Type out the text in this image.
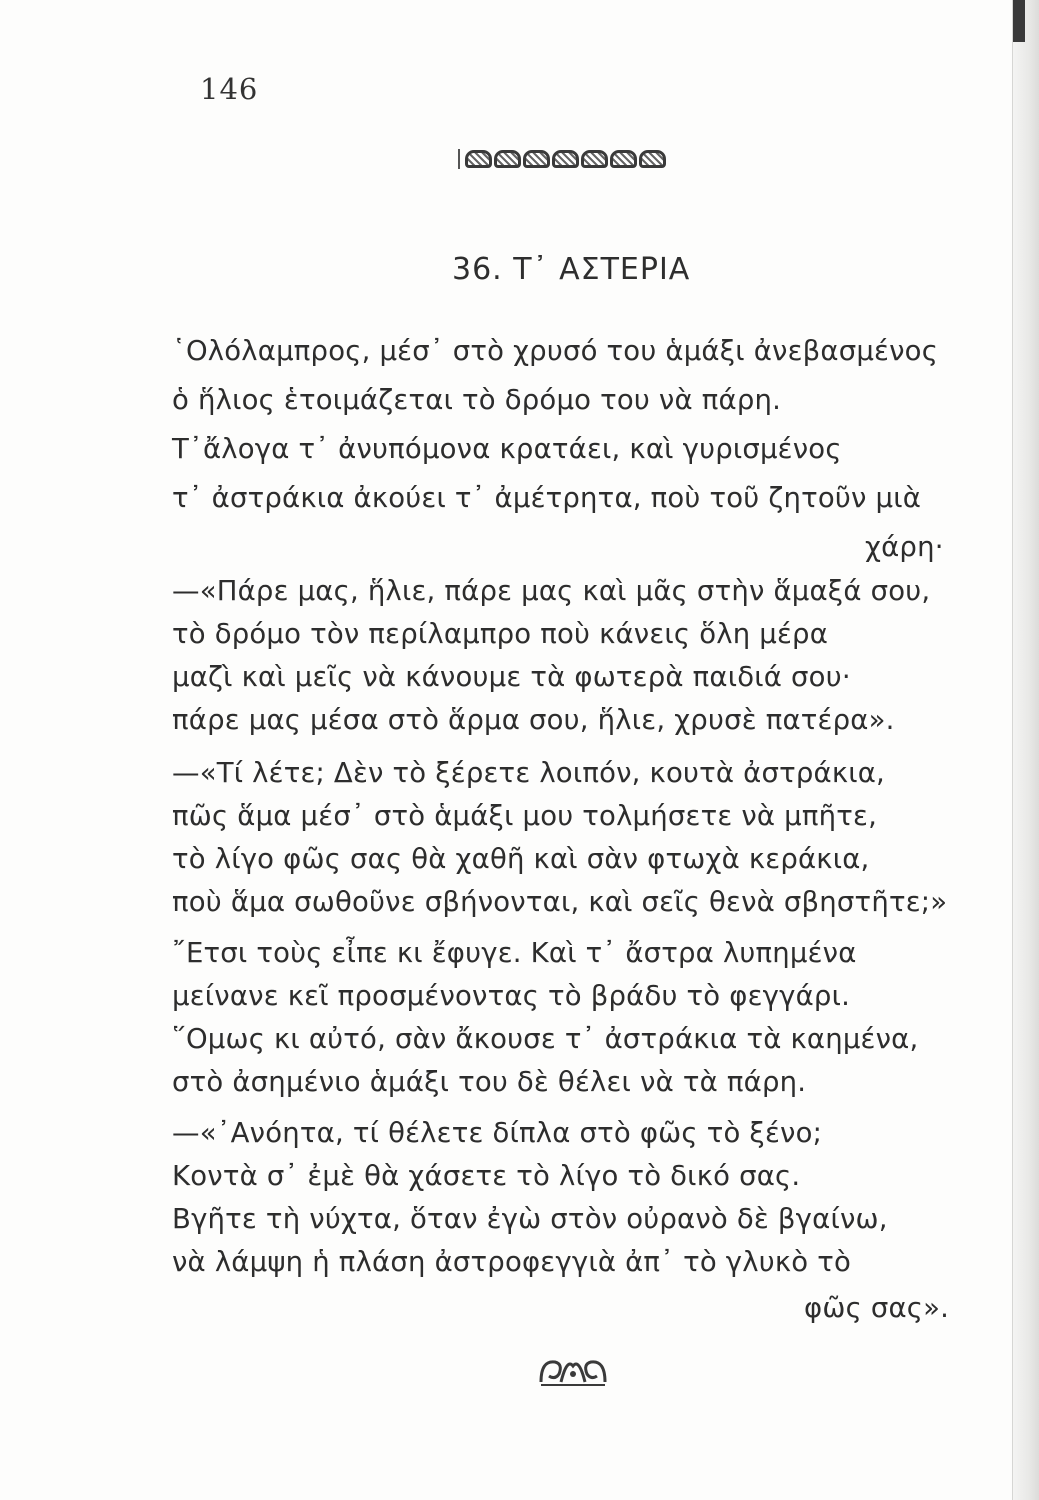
146
36. Τ᾽ ΑΣΤΕΡΙΑ
῾Ολόλαμπρος, μέσ᾽ στὸ χρυσό του ἁμάξι ἀνεβασμένος
ὁ ἥλιος ἑτοιμάζεται τὸ δρόμο του νὰ πάρη.
Τ᾽ἄλογα τ᾽ ἀνυπόμονα κρατάει, καὶ γυρισμένος
τ᾽ ἀστράκια ἀκούει τ᾽ ἀμέτρητα, ποὺ τοῦ ζητοῦν μιὰ
χάρη·
—«Πάρε μας, ἥλιε, πάρε μας καὶ μᾶς στὴν ἅμαξά σου,
τὸ δρόμο τὸν περίλαμπρο ποὺ κάνεις ὅλη μέρα
μαζὶ καὶ μεῖς νὰ κάνουμε τὰ φωτερὰ παιδιά σου·
πάρε μας μέσα στὸ ἅρμα σου, ἥλιε, χρυσὲ πατέρα».
—«Τί λέτε; Δὲν τὸ ξέρετε λοιπόν, κουτὰ ἀστράκια,
πῶς ἅμα μέσ᾽ στὸ ἁμάξι μου τολμήσετε νὰ μπῆτε,
τὸ λίγο φῶς σας θὰ χαθῆ καὶ σὰν φτωχὰ κεράκια,
ποὺ ἅμα σωθοῦνε σβήνονται, καὶ σεῖς θενὰ σβηστῆτε;»
῎Ετσι τοὺς εἶπε κι ἔφυγε. Καὶ τ᾽ ἄστρα λυπημένα
μείνανε κεῖ προσμένοντας τὸ βράδυ τὸ φεγγάρι.
῞Ομως κι αὐτό, σὰν ἄκουσε τ᾽ ἀστράκια τὰ καημένα,
στὸ ἀσημένιο ἁμάξι του δὲ θέλει νὰ τὰ πάρη.
—«᾽Ανόητα, τί θέλετε δίπλα στὸ φῶς τὸ ξένο;
Κοντὰ σ᾽ ἐμὲ θὰ χάσετε τὸ λίγο τὸ δικό σας.
Βγῆτε τὴ νύχτα, ὅταν ἐγὼ στὸν οὐρανὸ δὲ βγαίνω,
νὰ λάμψη ἡ πλάση ἀστροφεγγιὰ ἀπ᾽ τὸ γλυκὸ τὸ
φῶς σας».
